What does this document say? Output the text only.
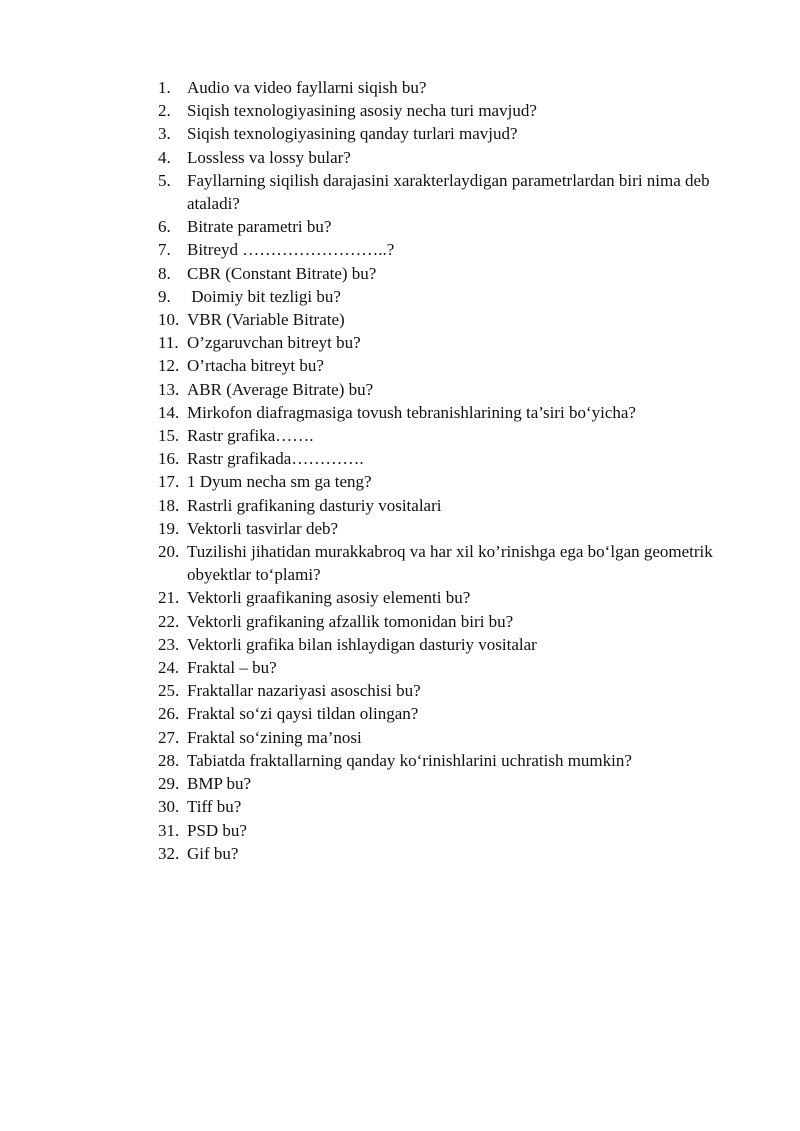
1. Audio va video fayllarni siqish bu?
2. Siqish texnologiyasining asosiy necha turi mavjud?
3. Siqish texnologiyasining qanday turlari mavjud?
4. Lossless va lossy bular?
5. Fayllarning siqilish darajasini xarakterlaydigan parametrlardan biri nima deb ataladi?
6. Bitrate parametri bu?
7. Bitreyd ……………………..?
8. CBR (Constant Bitrate) bu?
9. Doimiy bit tezligi bu?
10. VBR (Variable Bitrate)
11. O’zgaruvchan bitreyt bu?
12. O’rtacha bitreyt bu?
13. ABR (Average Bitrate) bu?
14. Mirkofon diafragmasiga tovush tebranishlarining ta’siri bo‘yicha?
15. Rastr grafika…….
16. Rastr grafikada………….
17. 1 Dyum necha sm ga teng?
18. Rastrli grafikaning dasturiy vositalari
19. Vektorli tasvirlar deb?
20. Tuzilishi jihatidan murakkabroq va har xil ko’rinishga ega bo‘lgan geometrik obyektlar to‘plami?
21. Vektorli graafikaning asosiy elementi bu?
22. Vektorli grafikaning afzallik tomonidan biri bu?
23. Vektorli grafika bilan ishlaydigan dasturiy vositalar
24. Fraktal – bu?
25. Fraktallar nazariyasi asoschisi bu?
26. Fraktal so‘zi qaysi tildan olingan?
27. Fraktal so‘zining ma’nosi
28. Tabiatda fraktallarning qanday ko‘rinishlarini uchratish mumkin?
29. BMP bu?
30. Tiff bu?
31. PSD bu?
32. Gif bu?
